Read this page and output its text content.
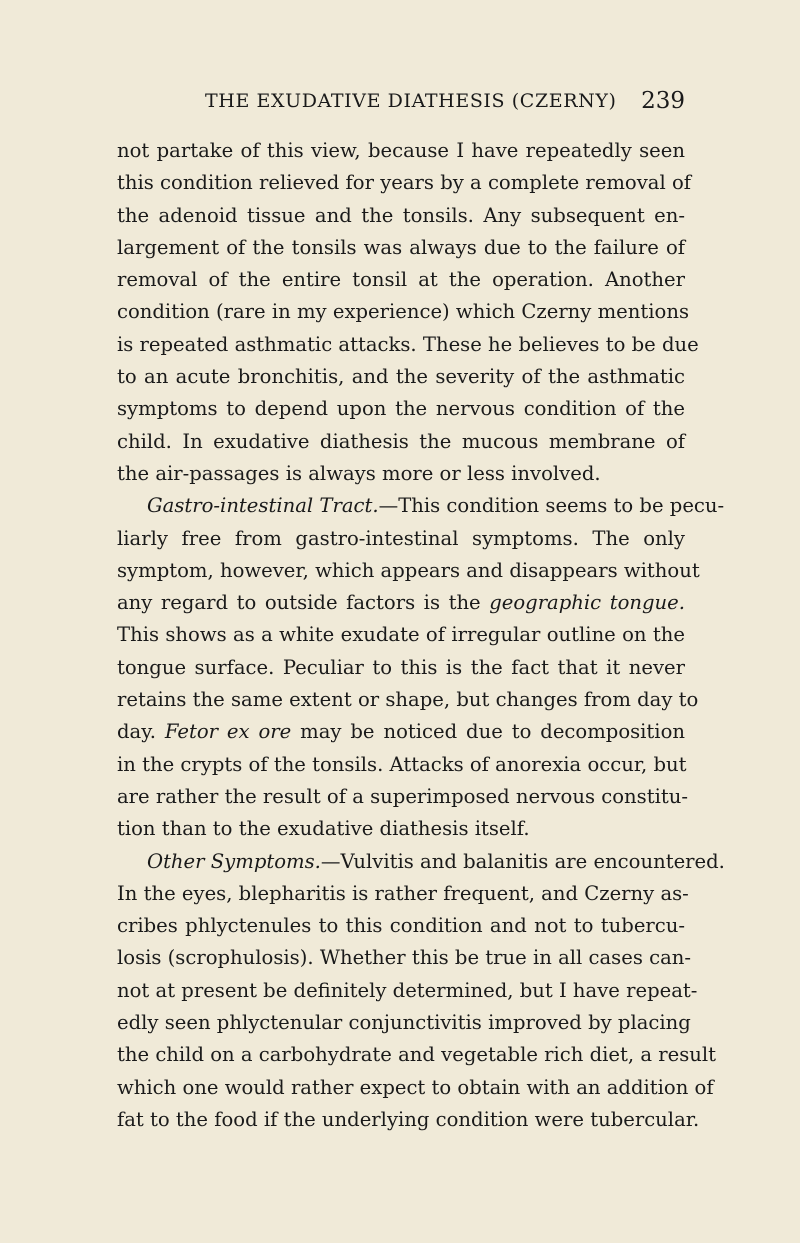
THE EXUDATIVE DIATHESIS (CZERNY) 239
not partake of this view, because I have repeatedly seen
this condition relieved for years by a complete removal of
the adenoid tissue and the tonsils. Any subsequent en-
largement of the tonsils was always due to the failure of
removal of the entire tonsil at the operation. Another
condition (rare in my experience) which Czerny mentions
is repeated asthmatic attacks. These he believes to be due
to an acute bronchitis, and the severity of the asthmatic
symptoms to depend upon the nervous condition of the
child. In exudative diathesis the mucous membrane of
the air-passages is always more or less involved.
Gastro-intestinal Tract.—This condition seems to be pecu-
liarly free from gastro-intestinal symptoms. The only
symptom, however, which appears and disappears without
any regard to outside factors is the geographic tongue.
This shows as a white exudate of irregular outline on the
tongue surface. Peculiar to this is the fact that it never
retains the same extent or shape, but changes from day to
day. Fetor ex ore may be noticed due to decomposition
in the crypts of the tonsils. Attacks of anorexia occur, but
are rather the result of a superimposed nervous constitu-
tion than to the exudative diathesis itself.
Other Symptoms.—Vulvitis and balanitis are encountered.
In the eyes, blepharitis is rather frequent, and Czerny as-
cribes phlyctenules to this condition and not to tubercu-
losis (scrophulosis). Whether this be true in all cases can-
not at present be definitely determined, but I have repeat-
edly seen phlyctenular conjunctivitis improved by placing
the child on a carbohydrate and vegetable rich diet, a result
which one would rather expect to obtain with an addition of
fat to the food if the underlying condition were tubercular.
